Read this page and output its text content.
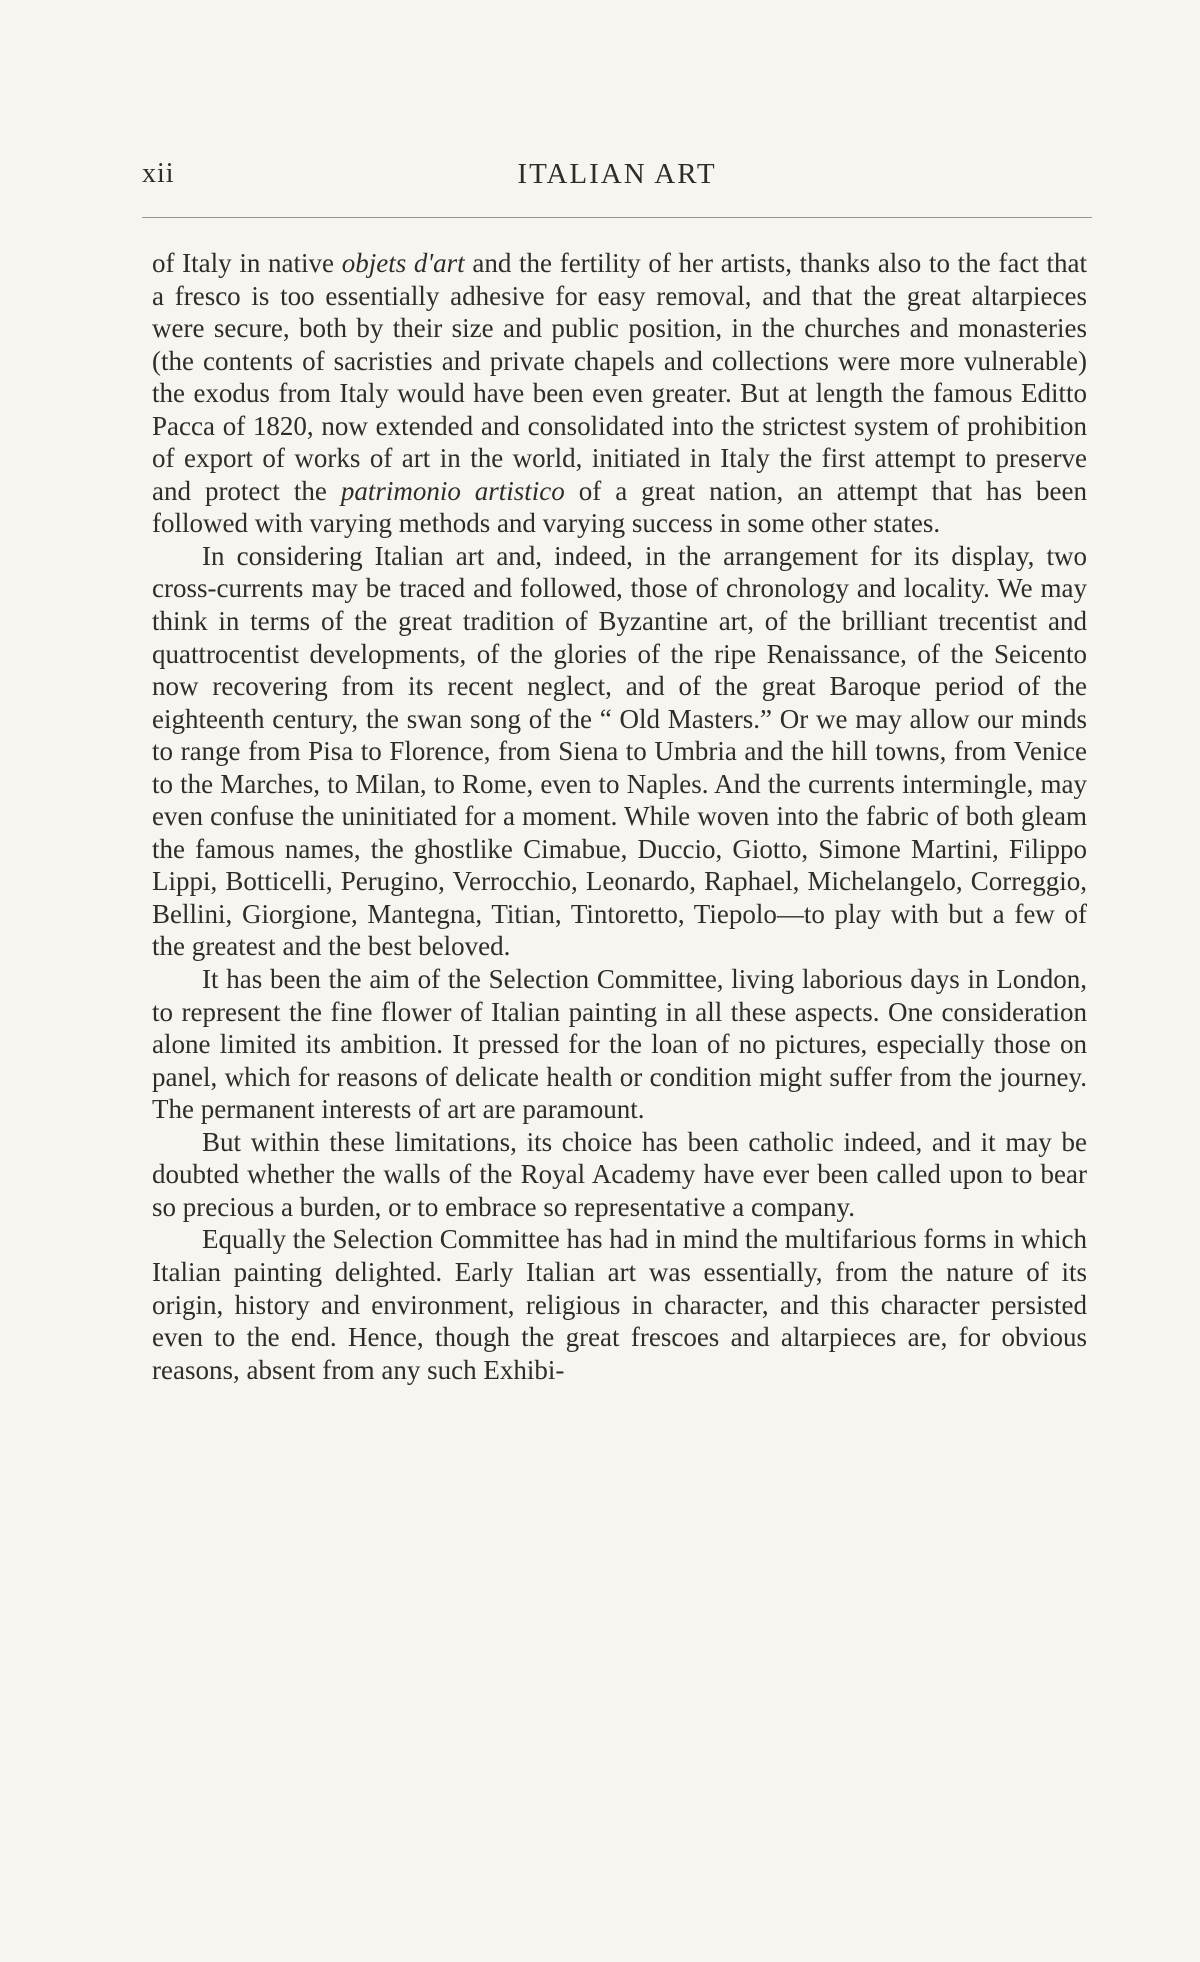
xii	ITALIAN ART

of Italy in native objets d'art and the fertility of her artists, thanks also to the fact that a fresco is too essentially adhesive for easy removal, and that the great altarpieces were secure, both by their size and public position, in the churches and monasteries (the contents of sacristies and private chapels and collections were more vulnerable) the exodus from Italy would have been even greater. But at length the famous Editto Pacca of 1820, now extended and consolidated into the strictest system of prohibition of export of works of art in the world, initiated in Italy the first attempt to preserve and protect the patrimonio artistico of a great nation, an attempt that has been followed with varying methods and varying success in some other states.

In considering Italian art and, indeed, in the arrangement for its display, two cross-currents may be traced and followed, those of chronology and locality. We may think in terms of the great tradition of Byzantine art, of the brilliant trecentist and quattrocentist developments, of the glories of the ripe Renaissance, of the Seicento now recovering from its recent neglect, and of the great Baroque period of the eighteenth century, the swan song of the “ Old Masters.” Or we may allow our minds to range from Pisa to Florence, from Siena to Umbria and the hill towns, from Venice to the Marches, to Milan, to Rome, even to Naples. And the currents intermingle, may even confuse the uninitiated for a moment. While woven into the fabric of both gleam the famous names, the ghostlike Cimabue, Duccio, Giotto, Simone Martini, Filippo Lippi, Botticelli, Perugino, Verrocchio, Leonardo, Raphael, Michelangelo, Correggio, Bellini, Giorgione, Mantegna, Titian, Tintoretto, Tiepolo—to play with but a few of the greatest and the best beloved.

It has been the aim of the Selection Committee, living laborious days in London, to represent the fine flower of Italian painting in all these aspects. One consideration alone limited its ambition. It pressed for the loan of no pictures, especially those on panel, which for reasons of delicate health or condition might suffer from the journey. The permanent interests of art are paramount.

But within these limitations, its choice has been catholic indeed, and it may be doubted whether the walls of the Royal Academy have ever been called upon to bear so precious a burden, or to embrace so representative a company.

Equally the Selection Committee has had in mind the multifarious forms in which Italian painting delighted. Early Italian art was essentially, from the nature of its origin, history and environment, religious in character, and this character persisted even to the end. Hence, though the great frescoes and altarpieces are, for obvious reasons, absent from any such Exhibi-
